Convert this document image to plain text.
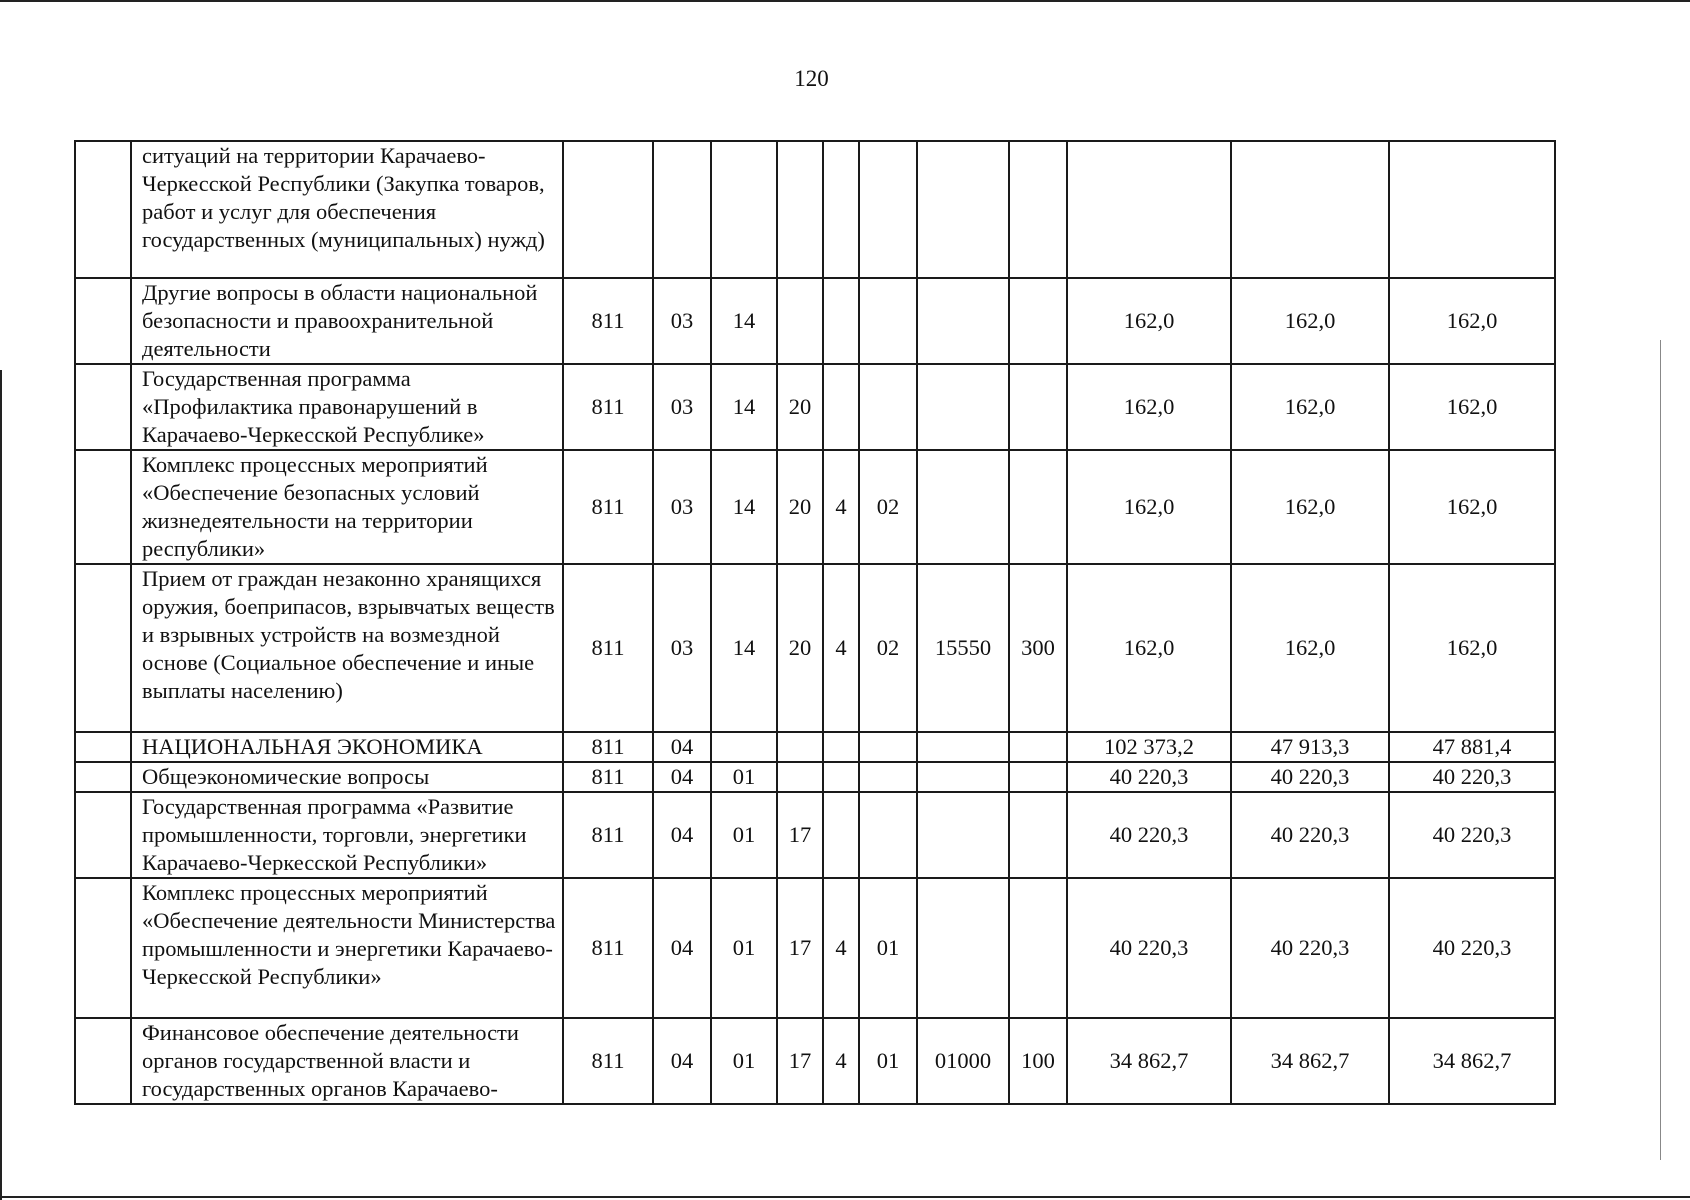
120
	ситуаций на территории Карачаево-Черкесской Республики (Закупка товаров, работ и услуг для обеспечения государственных (муниципальных) нужд)											
	Другие вопросы в области национальной безопасности и правоохранительной деятельности	811	03	14						162,0	162,0	162,0
	Государственная программа «Профилактика правонарушений в Карачаево-Черкесской Республике»	811	03	14	20					162,0	162,0	162,0
	Комплекс процессных мероприятий «Обеспечение безопасных условий жизнедеятельности на территории республики»	811	03	14	20	4	02			162,0	162,0	162,0
	Прием от граждан незаконно хранящихся оружия, боеприпасов, взрывчатых веществ и взрывных устройств на возмездной основе (Социальное обеспечение и иные выплаты населению)	811	03	14	20	4	02	15550	300	162,0	162,0	162,0
	НАЦИОНАЛЬНАЯ ЭКОНОМИКА	811	04							102 373,2	47 913,3	47 881,4
	Общеэкономические вопросы	811	04	01						40 220,3	40 220,3	40 220,3
	Государственная программа «Развитие промышленности, торговли, энергетики Карачаево-Черкесской Республики»	811	04	01	17					40 220,3	40 220,3	40 220,3
	Комплекс процессных мероприятий «Обеспечение деятельности Министерства промышленности и энергетики Карачаево-Черкесской Республики»	811	04	01	17	4	01			40 220,3	40 220,3	40 220,3
	Финансовое обеспечение деятельности органов государственной власти и государственных органов Карачаево-	811	04	01	17	4	01	01000	100	34 862,7	34 862,7	34 862,7
